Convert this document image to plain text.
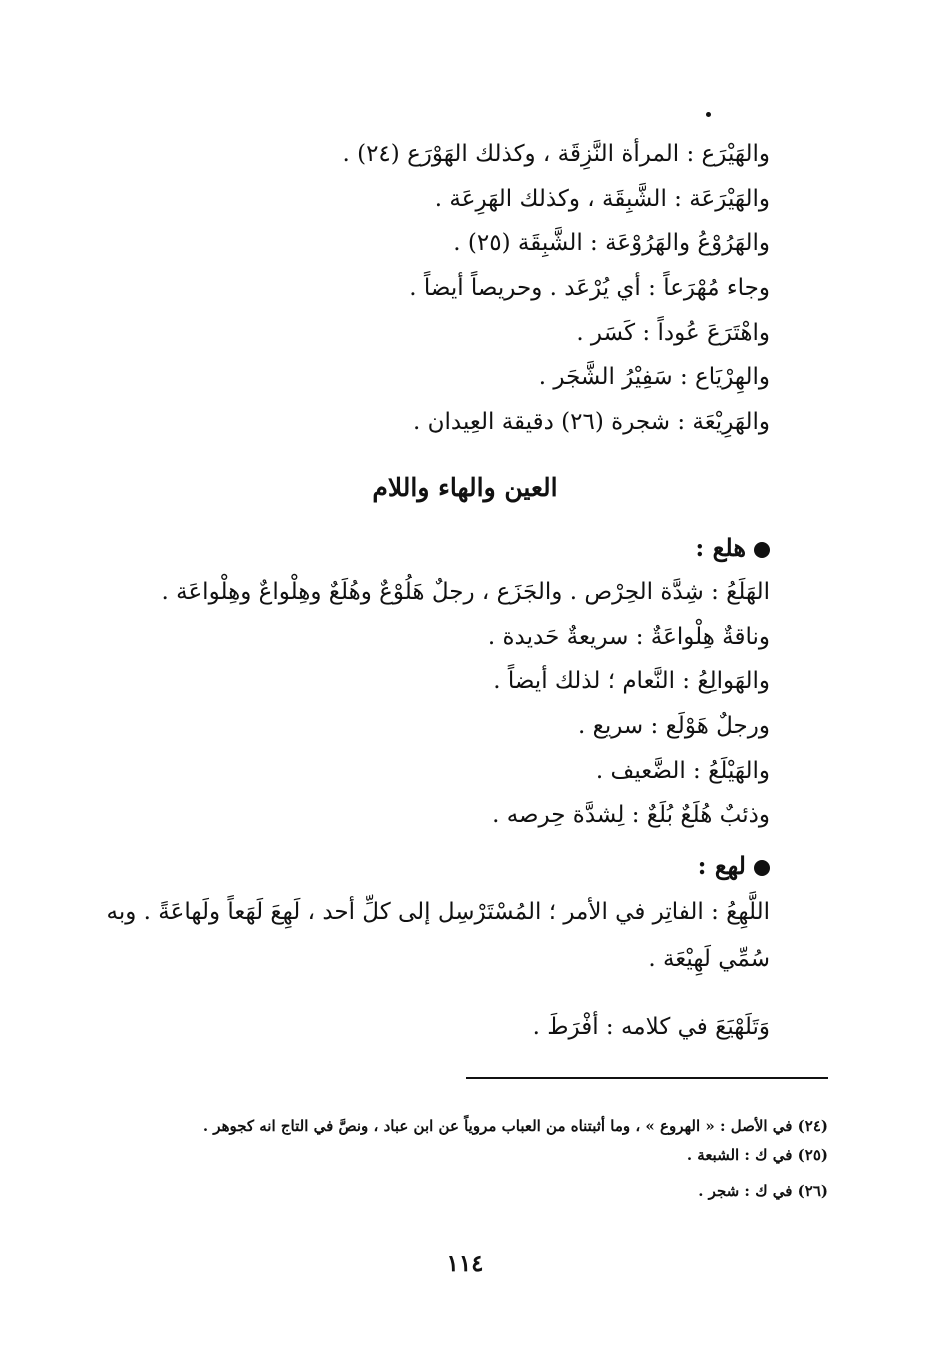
والهَيْرَع : المرأة النَّزِقَة ، وكذلك الهَوْرَع (٢٤) .
والهَيْرَعَة : الشَّبِقَة ، وكذلك الهَرِعَة .
والهَرُوْعُ والهَرُوْعَة : الشَّبِقَة (٢٥) .
وجاء مُهْرَعاً : أي يُرْعَد . وحريصاً أيضاً .
واهْتَرَعَ عُوداً : كَسَر .
والهِرْيَاع : سَفِيْرُ الشَّجَر .
والهَرِيْعَة : شجرة (٢٦) دقيقة العِيدان .
العين والهاء واللام
هلع :
الهَلَعُ : شِدَّة الحِرْص . والجَزَع ، رجلٌ هَلُوْعٌ وهُلَعٌ وهِلْواعٌ وهِلْواعَة .
وناقةٌ هِلْواعَةٌ : سريعةٌ حَديدة .
والهَوالِعُ : النَّعام ؛ لذلك أيضاً .
ورجلٌ هَوْلَع : سريع .
والهَيْلَعُ : الضَّعيف .
وذئبٌ هُلَعٌ بُلَعٌ : لِشدَّة حِرصه .
لهع :
اللَّهِعُ : الفاتِر في الأمر ؛ المُسْتَرْسِل إلى كلِّ أحد ، لَهِعَ لَهَعاً ولَهاعَةً . وبه
سُمِّي لَهِيْعَة .
وَتَلَهْيَعَ في كلامه : أفْرَطَ .
(٢٤) في الأصل : « الهروع » ، وما أثبتناه من العباب مروياً عن ابن عباد ، ونصَّ في التاج انه كجوهر .
(٢٥) في ك : الشبعة .
(٢٦) في ك : شجر .
١١٤
